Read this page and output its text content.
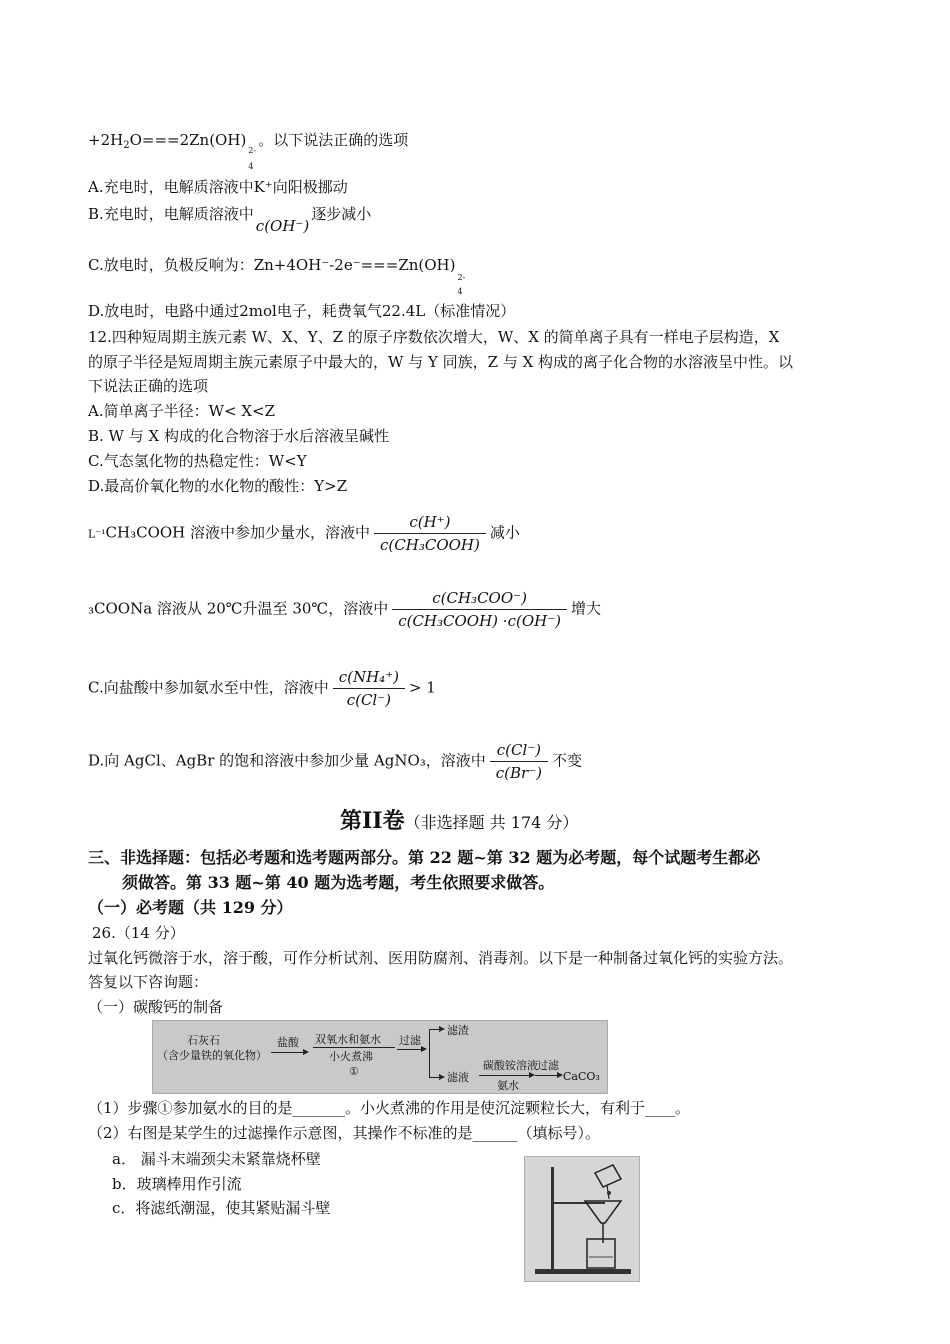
$+2H_2O===2Zn(OH)$
2-
4
。以下说法正确的选项
A.充电时，电解质溶液中K⁺向阳极挪动
B.充电时，电解质溶液中c(OH⁻)逐步减小
C.放电时，负极反响为：Zn+4OH⁻-2e⁻===Zn(OH)
2-
4
D.放电时，电路中通过2mol电子，耗费氧气22.4L（标准情况）
12.四种短周期主族元素 W、X、Y、Z 的原子序数依次增大，W、X 的简单离子具有一样电子层构造，X
的原子半径是短周期主族元素原子中最大的，W 与 Y 同族，Z 与 X 构成的离子化合物的水溶液呈中性。以
下说法正确的选项
A.简单离子半径：W< X<Z
B. W 与 X 构成的化合物溶于水后溶液呈碱性
C.气态氢化物的热稳定性：W<Y
D.最高价氧化物的水化物的酸性：Y>Z
L⁻¹CH₃COOH 溶液中参加少量水，溶液中 $\frac{c(H^+)}{\text{c(CH₃COOH)}}$ 减小
₃COONa 溶液从 20℃升温至 30℃，溶液中 $\frac{\text{c(CH₃COO⁻)}}{\text{c(CH₃COOH) ·c(OH⁻)}}$ 增大
C.向盐酸中参加氨水至中性，溶液中 $\frac{\text{c(NH₄⁺)}}{c(Cl^-)} > 1$
D.向 AgCl、AgBr 的饱和溶液中参加少量 AgNO₃，溶液中 $\frac{c(Cl^-)}{c(Br^-)}$ 不变
第II卷（非选择题 共 174 分）
三、非选择题：包括必考题和选考题两部分。第 22 题~第 32 题为必考题，每个试题考生都必
须做答。第 33 题~第 40 题为选考题，考生依照要求做答。
（一）必考题（共 129 分）
26.（14 分）
过氧化钙微溶于水，溶于酸，可作分析试剂、医用防腐剂、消毒剂。以下是一种制备过氧化钙的实验方法。
答复以下咨询题：
（一）碳酸钙的制备
石灰石
（含少量铁的氧化物）
盐酸 双氧水和氨水
小火煮沸
①
过滤
滤渣
滤液
碳酸铵溶液
氨水
过滤
CaCO₃
（1）步骤①参加氨水的目的是_______。小火煮沸的作用是使沉淀颗粒长大，有利于____。
（2）右图是某学生的过滤操作示意图，其操作不标准的是______（填标号）。
a． 漏斗末端颈尖未紧靠烧杯壁
b．玻璃棒用作引流
c．将滤纸潮湿，使其紧贴漏斗壁
